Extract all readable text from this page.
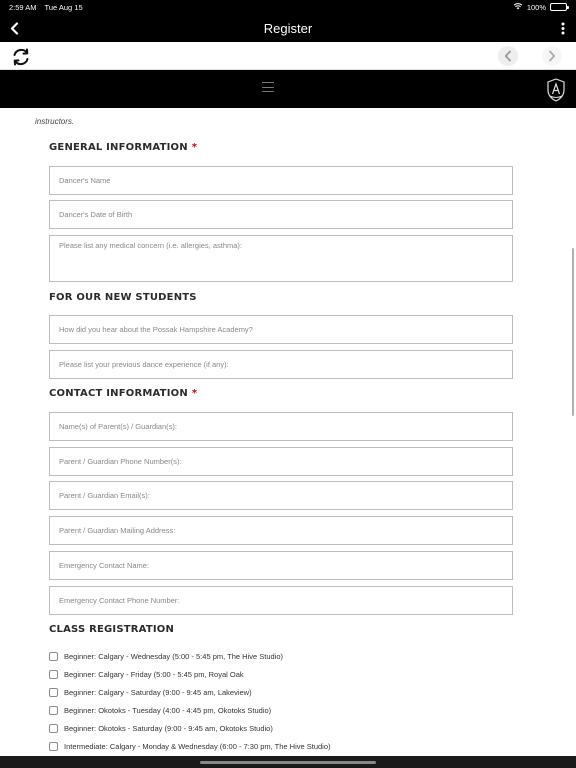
2:59 AM Tue Aug 15	100%
Register
instructors.
GENERAL INFORMATION *
Dancer's Name
Dancer's Date of Birth
Please list any medical concern (i.e. allergies, asthma):
FOR OUR NEW STUDENTS
How did you hear about the Possak Hampshire Academy?
Please list your previous dance experience (if any):
CONTACT INFORMATION *
Name(s) of Parent(s) / Guardian(s):
Parent / Guardian Phone Number(s):
Parent / Guardian Email(s):
Parent / Guardian Mailing Address:
Emergency Contact Name:
Emergency Contact Phone Number:
CLASS REGISTRATION
Beginner: Calgary - Wednesday (5:00 - 5:45 pm, The Hive Studio)
Beginner: Calgary - Friday (5:00 - 5:45 pm, Royal Oak
Beginner: Calgary - Saturday (9:00 - 9:45 am, Lakeview)
Beginner: Okotoks - Tuesday (4:00 - 4:45 pm, Okotoks Studio)
Beginner: Okotoks - Saturday (9:00 - 9:45 am, Okotoks Studio)
Intermediate: Calgary - Monday & Wednesday (6:00 - 7:30 pm, The Hive Studio)
